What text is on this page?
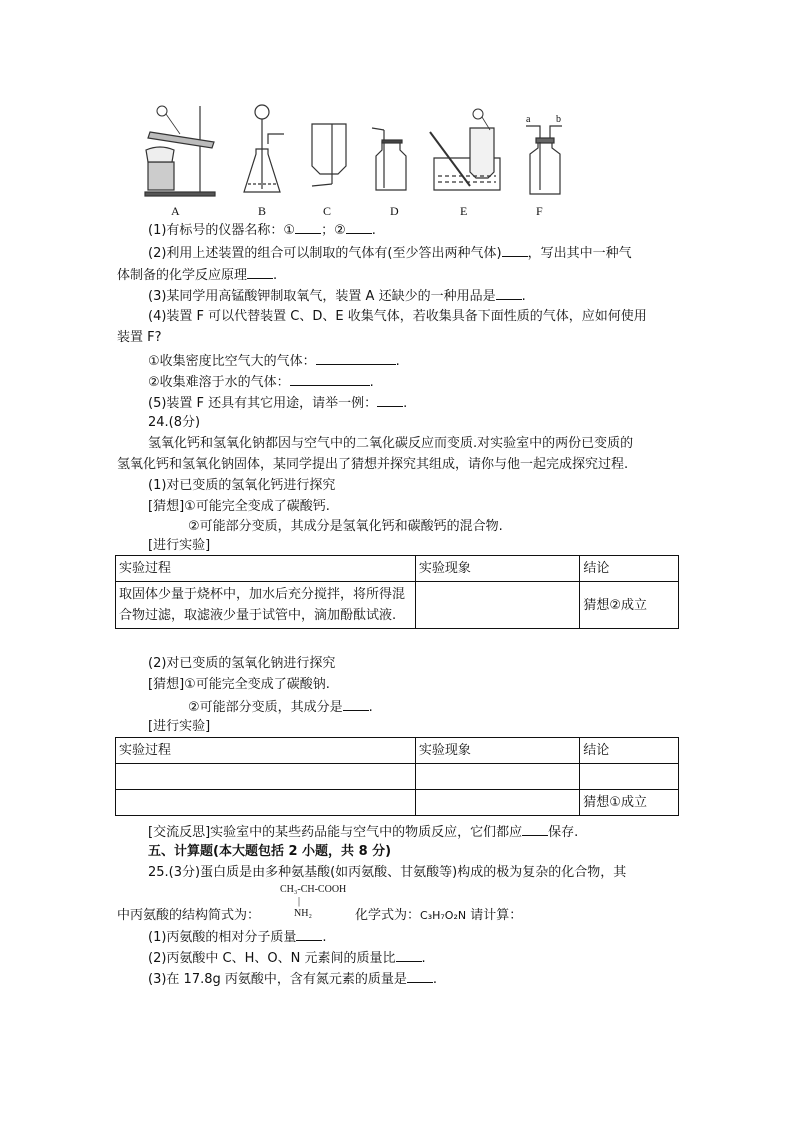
A	B	C	D	E	F
a	b
(1)有标号的仪器名称：① ；② .
(2)利用上述装置的组合可以制取的气体有(至少答出两种气体) ，写出其中一种气
体制备的化学反应原理 .
(3)某同学用高锰酸钾制取氧气，装置 A 还缺少的一种用品是 .
(4)装置 F 可以代替装置 C、D、E 收集气体，若收集具备下面性质的气体，应如何使用
装置 F?
①收集密度比空气大的气体：	.
②收集难溶于水的气体：	.
(5)装置 F 还具有其它用途，请举一例： .
24.(8分)
氢氧化钙和氢氧化钠都因与空气中的二氧化碳反应而变质.对实验室中的两份已变质的
氢氧化钙和氢氧化钠固体，某同学提出了猜想并探究其组成，请你与他一起完成探究过程.
(1)对已变质的氢氧化钙进行探究
[猜想]①可能完全变成了碳酸钙.
②可能部分变质，其成分是氢氧化钙和碳酸钙的混合物.
[进行实验]
实验过程	实验现象	结论
取固体少量于烧杯中，加水后充分搅拌，将所得混合物过滤，取滤液少量于试管中，滴加酚酞试液.		猜想②成立
(2)对已变质的氢氧化钠进行探究
[猜想]①可能完全变成了碳酸钠.
②可能部分变质，其成分是 .
[进行实验]
实验过程	实验现象	结论

		猜想①成立
[交流反思]实验室中的某些药品能与空气中的物质反应，它们都应 保存.
五、计算题(本大题包括 2 小题，共 8 分)
25.(3分)蛋白质是由多种氨基酸(如丙氨酸、甘氨酸等)构成的极为复杂的化合物，其
CH₃-CH-COOH
|
NH₂
中丙氨酸的结构简式为：	化学式为：C₃H₇O₂N 请计算：
(1)丙氨酸的相对分子质量 .
(2)丙氨酸中 C、H、O、N 元素间的质量比 .
(3)在 17.8g 丙氨酸中，含有氮元素的质量是 .
